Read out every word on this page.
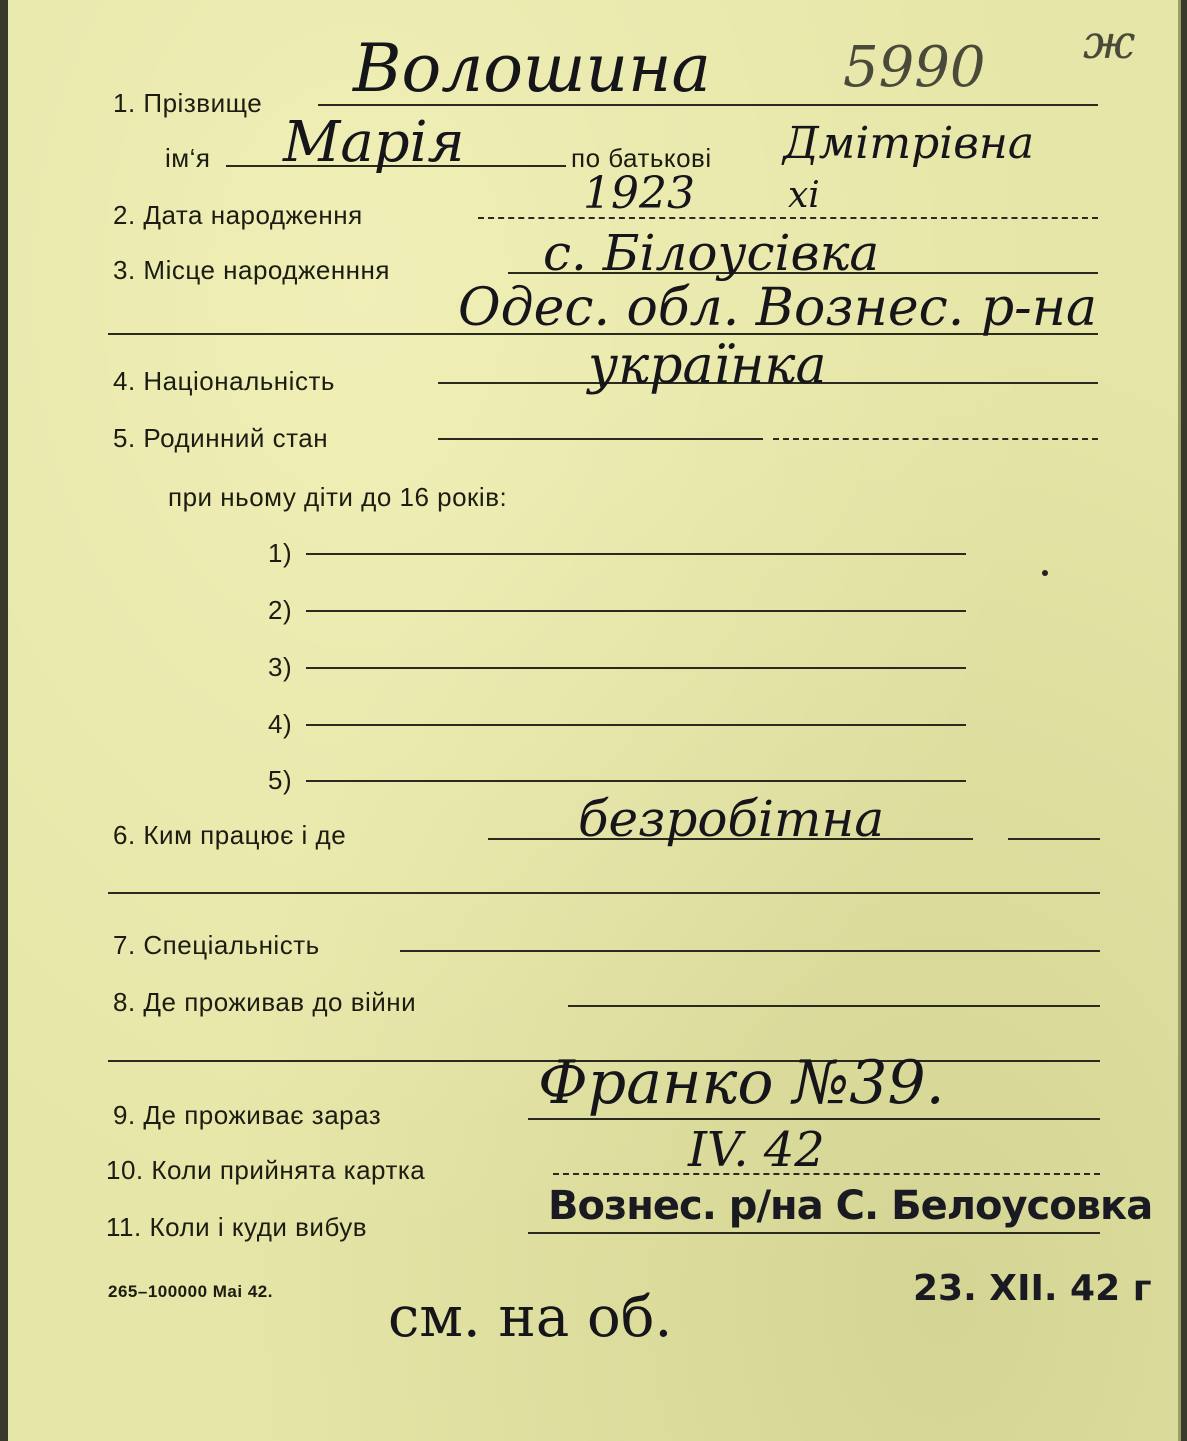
1. Прізвище Волошина 5990 ж
ім‘я Марія	по батькові Дмітрівна
2. Дата народження	1923	xi
3. Місце народженння	с. Білоусівка
Одес. обл. Вознес. р-на
4. Національність	українка
5. Родинний стан
при ньому діти до 16 років:
1)
2)
3)
4)
5)
6. Ким працює і де	безробітна
7. Спеціальність
8. Де проживав до війни
9. Де проживає зараз	Франко №39.
10. Коли прийнята картка	IV. 42
11. Коли і куди вибув	Вознес. р/на С. Белоусовка
265–100000 Mai 42.	23. XII. 42 г
см. на об.
